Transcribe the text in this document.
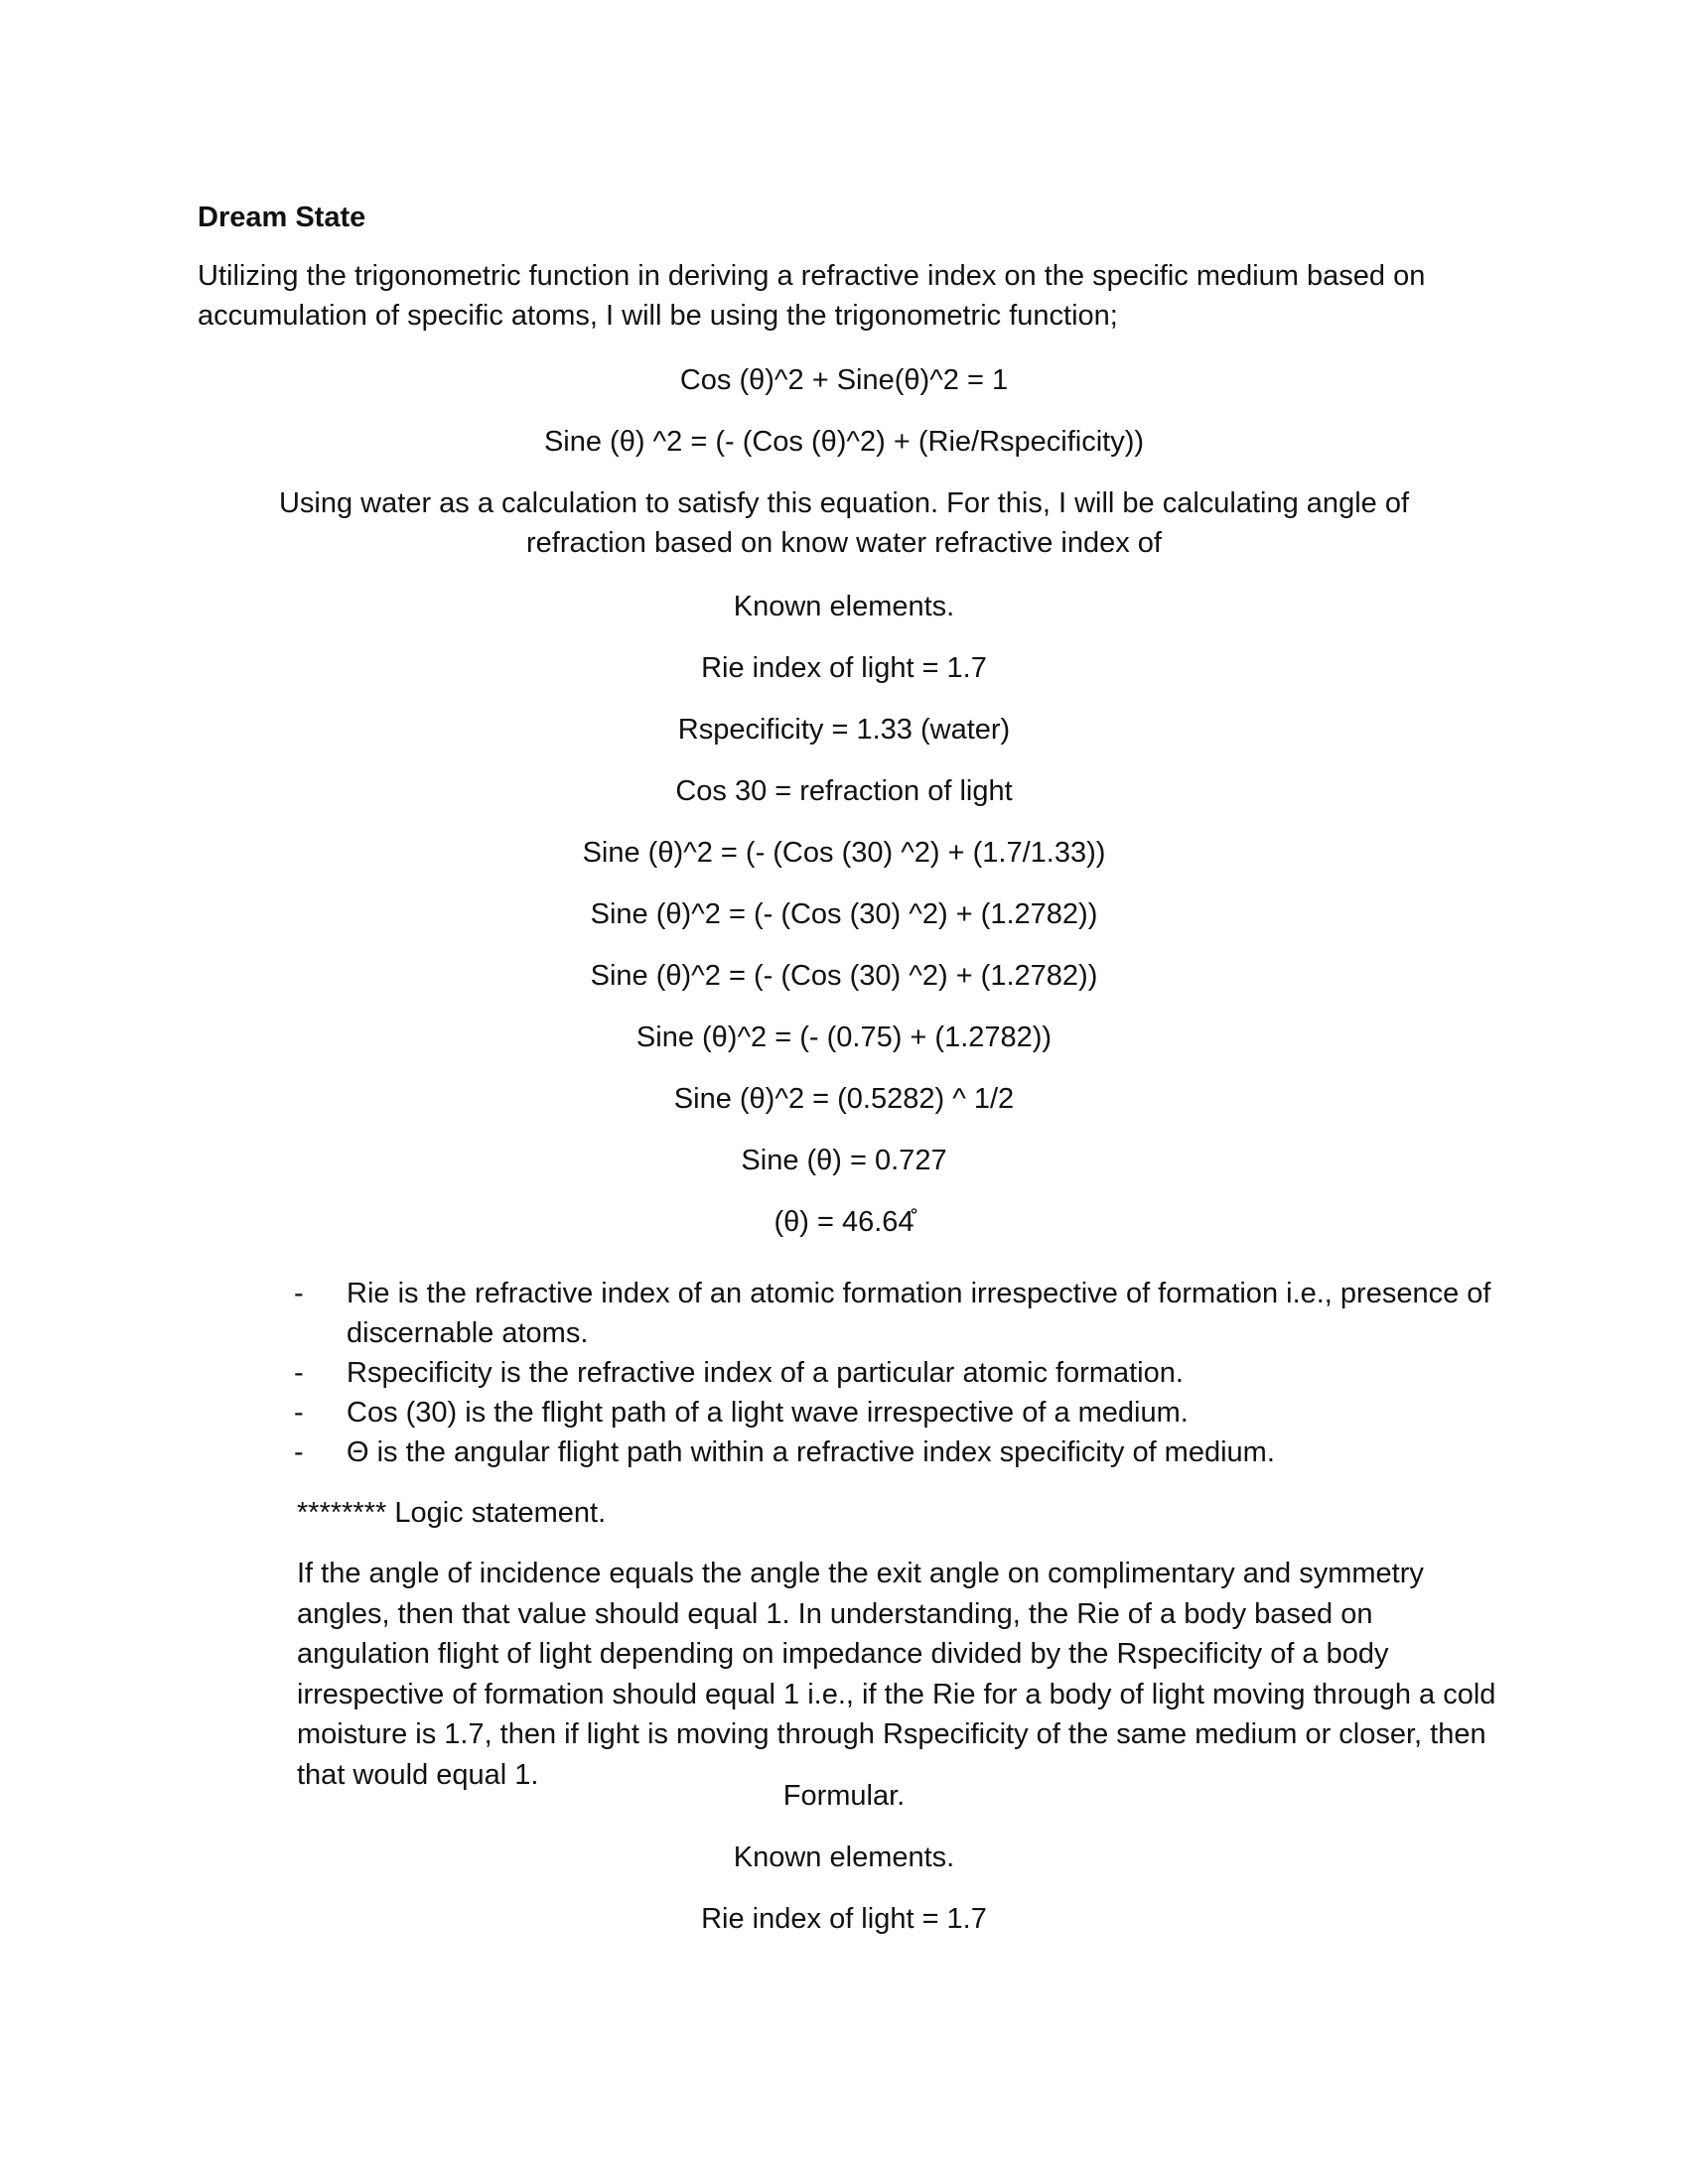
Dream State
Utilizing the trigonometric function in deriving a refractive index on the specific medium based on accumulation of specific atoms, I will be using the trigonometric function;
Cos (θ)^2 + Sine(θ)^2 = 1
Sine (θ) ^2 = (- (Cos (θ)^2) + (Rie/Rspecificity))
Using water as a calculation to satisfy this equation. For this, I will be calculating angle of refraction based on know water refractive index of
Known elements.
Rie index of light = 1.7
Rspecificity = 1.33 (water)
Cos 30 = refraction of light
Sine (θ)^2 = (- (Cos (30) ^2) + (1.7/1.33))
Sine (θ)^2 = (- (Cos (30) ^2) + (1.2782))
Sine (θ)^2 = (- (Cos (30) ^2) + (1.2782))
Sine (θ)^2 = (- (0.75) + (1.2782))
Sine (θ)^2 = (0.5282) ^ 1/2
Sine (θ) = 0.727
(θ) = 46.64̊
- Rie is the refractive index of an atomic formation irrespective of formation i.e., presence of discernable atoms.
- Rspecificity is the refractive index of a particular atomic formation.
- Cos (30) is the flight path of a light wave irrespective of a medium.
- Θ is the angular flight path within a refractive index specificity of medium.
******** Logic statement.
If the angle of incidence equals the angle the exit angle on complimentary and symmetry angles, then that value should equal 1. In understanding, the Rie of a body based on angulation flight of light depending on impedance divided by the Rspecificity of a body irrespective of formation should equal 1 i.e., if the Rie for a body of light moving through a cold moisture is 1.7, then if light is moving through Rspecificity of the same medium or closer, then that would equal 1.
Formular.
Known elements.
Rie index of light = 1.7
